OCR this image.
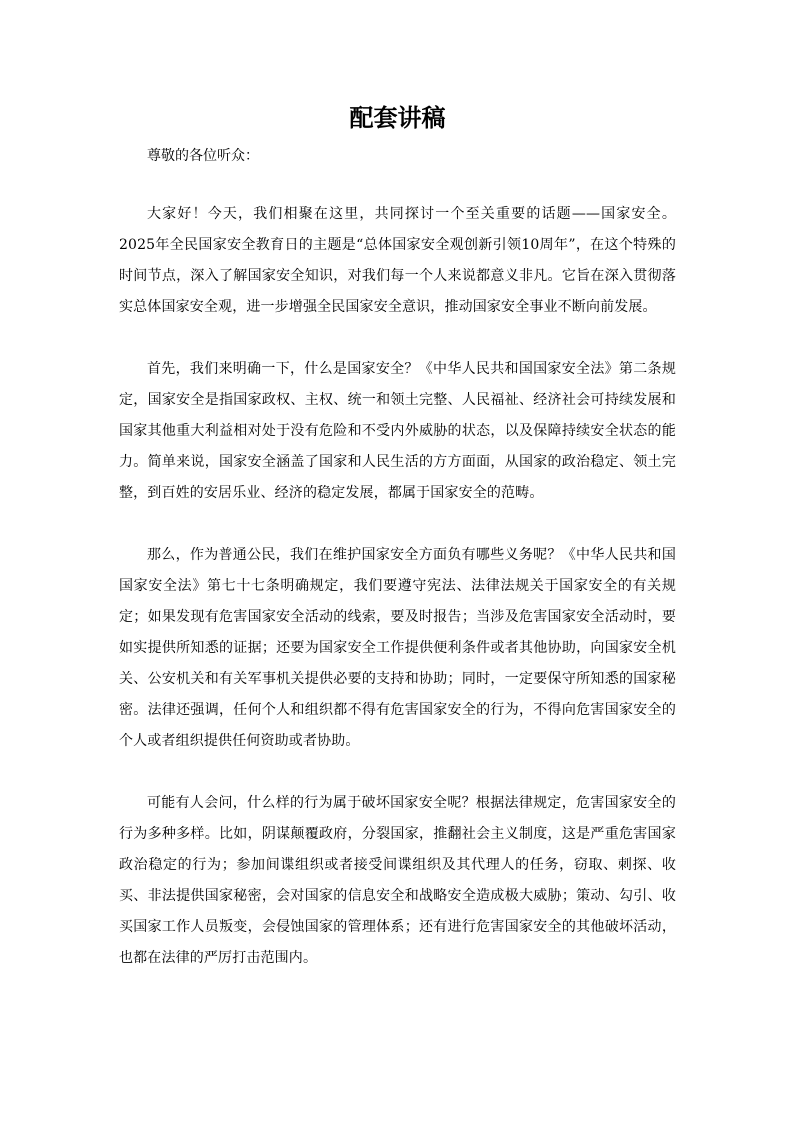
配套讲稿

尊敬的各位听众：

大家好！今天，我们相聚在这里，共同探讨一个至关重要的话题——国家安全。2025年全民国家安全教育日的主题是“总体国家安全观创新引领10周年”，在这个特殊的时间节点，深入了解国家安全知识，对我们每一个人来说都意义非凡。它旨在深入贯彻落实总体国家安全观，进一步增强全民国家安全意识，推动国家安全事业不断向前发展。

首先，我们来明确一下，什么是国家安全？《中华人民共和国国家安全法》第二条规定，国家安全是指国家政权、主权、统一和领土完整、人民福祉、经济社会可持续发展和国家其他重大利益相对处于没有危险和不受内外威胁的状态，以及保障持续安全状态的能力。简单来说，国家安全涵盖了国家和人民生活的方方面面，从国家的政治稳定、领土完整，到百姓的安居乐业、经济的稳定发展，都属于国家安全的范畴。

那么，作为普通公民，我们在维护国家安全方面负有哪些义务呢？《中华人民共和国国家安全法》第七十七条明确规定，我们要遵守宪法、法律法规关于国家安全的有关规定；如果发现有危害国家安全活动的线索，要及时报告；当涉及危害国家安全活动时，要如实提供所知悉的证据；还要为国家安全工作提供便利条件或者其他协助，向国家安全机关、公安机关和有关军事机关提供必要的支持和协助；同时，一定要保守所知悉的国家秘密。法律还强调，任何个人和组织都不得有危害国家安全的行为，不得向危害国家安全的个人或者组织提供任何资助或者协助。

可能有人会问，什么样的行为属于破坏国家安全呢？根据法律规定，危害国家安全的行为多种多样。比如，阴谋颠覆政府，分裂国家，推翻社会主义制度，这是严重危害国家政治稳定的行为；参加间谍组织或者接受间谍组织及其代理人的任务，窃取、刺探、收买、非法提供国家秘密，会对国家的信息安全和战略安全造成极大威胁；策动、勾引、收买国家工作人员叛变，会侵蚀国家的管理体系；还有进行危害国家安全的其他破坏活动，也都在法律的严厉打击范围内。
